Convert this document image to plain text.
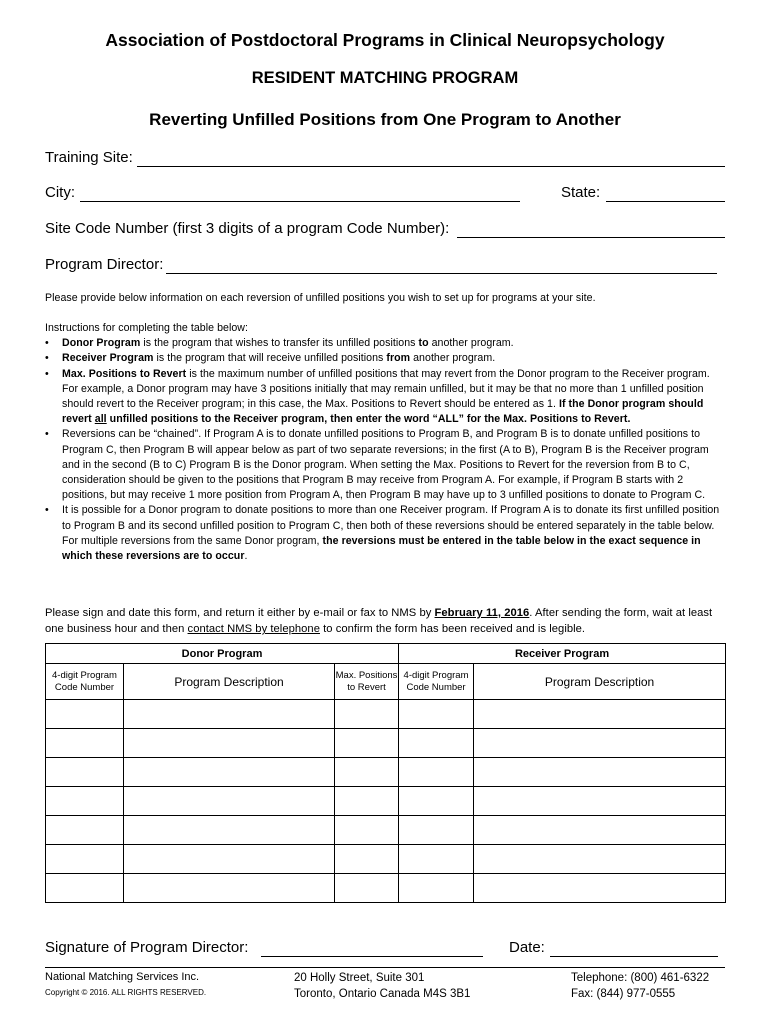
Association of Postdoctoral Programs in Clinical Neuropsychology
RESIDENT MATCHING PROGRAM
Reverting Unfilled Positions from One Program to Another
Training Site:
City:	State:
Site Code Number (first 3 digits of a program Code Number):
Program Director:
Please provide below information on each reversion of unfilled positions you wish to set up for programs at your site.

Instructions for completing the table below:

• Donor Program is the program that wishes to transfer its unfilled positions to another program.

• Receiver Program is the program that will receive unfilled positions from another program.

• Max. Positions to Revert is the maximum number of unfilled positions that may revert from the Donor program to the Receiver program. For example, a Donor program may have 3 positions initially that may remain unfilled, but it may be that no more than 1 unfilled position should revert to the Receiver program; in this case, the Max. Positions to Revert should be entered as 1. If the Donor program should revert all unfilled positions to the Receiver program, then enter the word “ALL” for the Max. Positions to Revert.

• Reversions can be “chained”. If Program A is to donate unfilled positions to Program B, and Program B is to donate unfilled positions to Program C, then Program B will appear below as part of two separate reversions; in the first (A to B), Program B is the Receiver program and in the second (B to C) Program B is the Donor program. When setting the Max. Positions to Revert for the reversion from B to C, consideration should be given to the positions that Program B may receive from Program A. For example, if Program B starts with 2 positions, but may receive 1 more position from Program A, then Program B may have up to 3 unfilled positions to donate to Program C.

• It is possible for a Donor program to donate positions to more than one Receiver program. If Program A is to donate its first unfilled position to Program B and its second unfilled position to Program C, then both of these reversions should be entered separately in the table below. For multiple reversions from the same Donor program, the reversions must be entered in the table below in the exact sequence in which these reversions are to occur.

Please sign and date this form, and return it either by e-mail or fax to NMS by February 11, 2016. After sending the form, wait at least one business hour and then contact NMS by telephone to confirm the form has been received and is legible.
Donor Program			Receiver Program	
4-digit Program Code Number	Program Description	Max. Positions to Revert	4-digit Program Code Number	Program Description

Signature of Program Director:	Date:
National Matching Services Inc.
Copyright © 2016. ALL RIGHTS RESERVED.
20 Holly Street, Suite 301
Toronto, Ontario Canada M4S 3B1
Telephone: (800) 461-6322
Fax: (844) 977-0555
